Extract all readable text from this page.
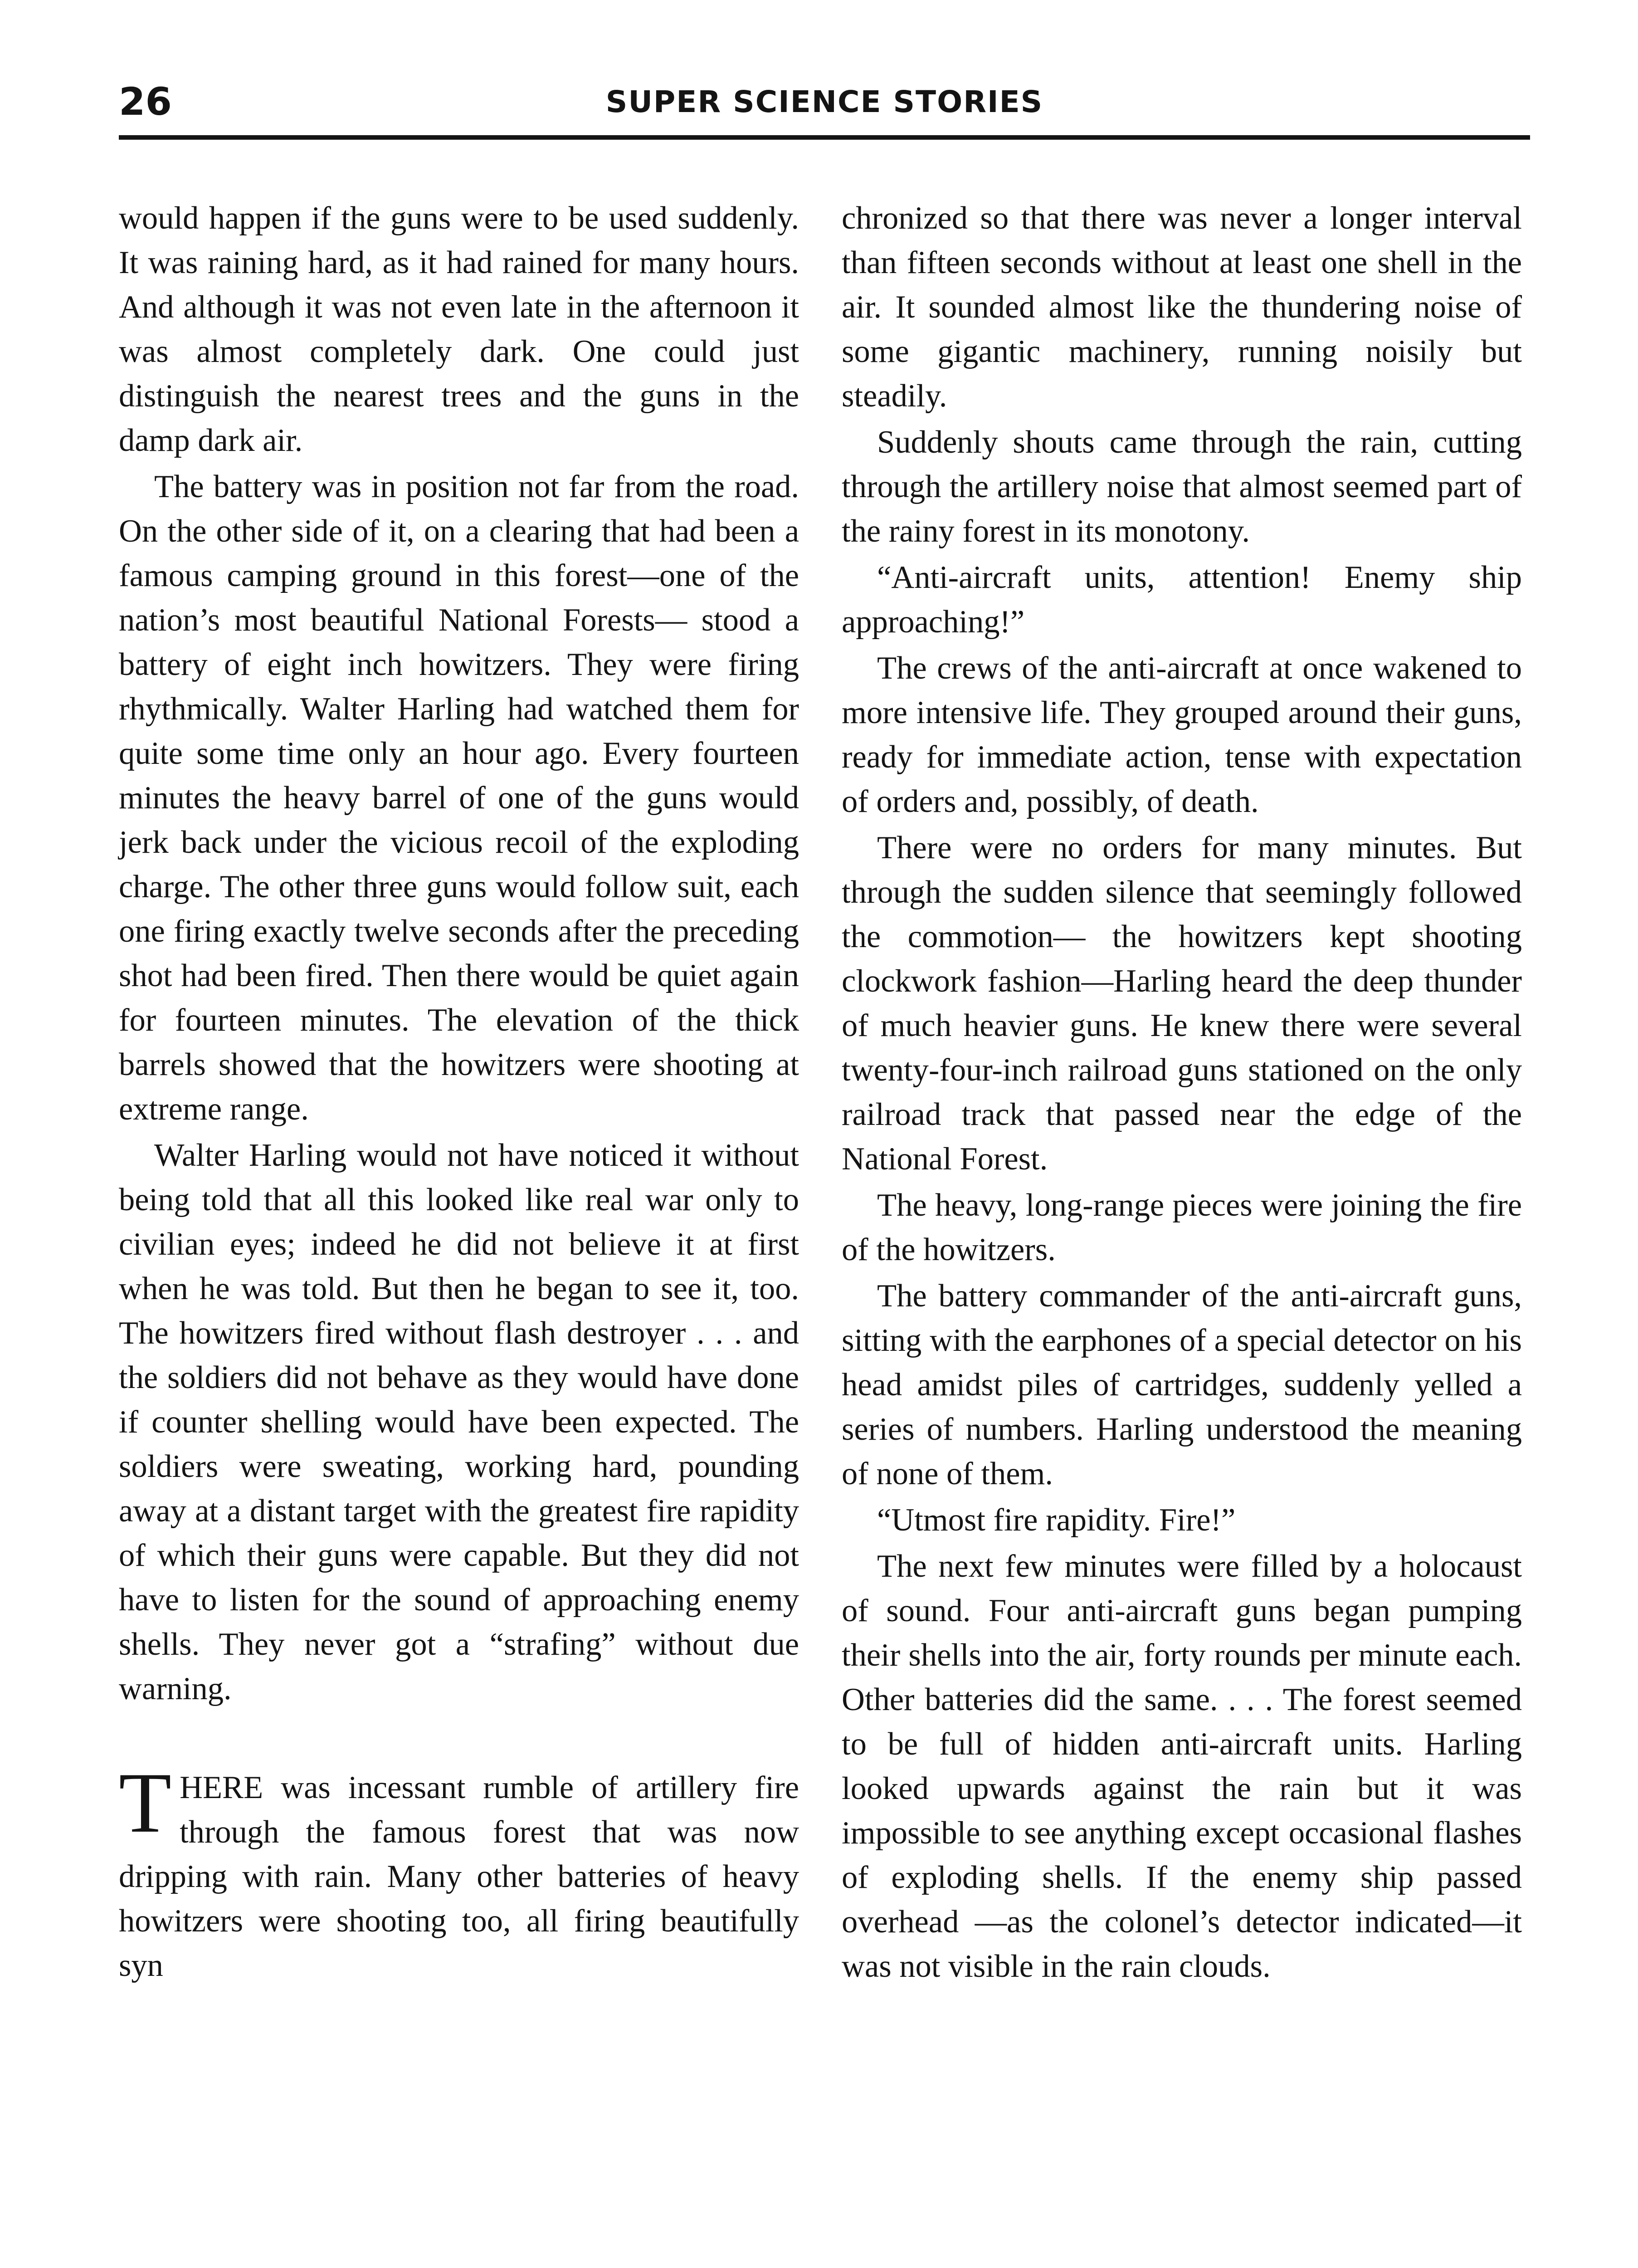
26	SUPER SCIENCE STORIES

would happen if the guns were to be used suddenly. It was raining hard, as it had rained for many hours. And although it was not even late in the afternoon it was almost completely dark. One could just distinguish the nearest trees and the guns in the damp dark air.

The battery was in position not far from the road. On the other side of it, on a clearing that had been a famous camping ground in this forest—one of the nation’s most beautiful National Forests— stood a battery of eight inch howitzers. They were firing rhythmically. Walter Harling had watched them for quite some time only an hour ago. Every fourteen minutes the heavy barrel of one of the guns would jerk back under the vicious recoil of the exploding charge. The other three guns would follow suit, each one firing exactly twelve seconds after the preceding shot had been fired. Then there would be quiet again for fourteen minutes. The elevation of the thick barrels showed that the howitzers were shooting at extreme range.

Walter Harling would not have noticed it without being told that all this looked like real war only to civilian eyes; indeed he did not believe it at first when he was told. But then he began to see it, too. The howitzers fired without flash destroyer . . . and the soldiers did not behave as they would have done if counter shelling would have been expected. The soldiers were sweating, working hard, pounding away at a distant target with the greatest fire rapidity of which their guns were capable. But they did not have to listen for the sound of approaching enemy shells. They never got a “strafing” without due warning.

THERE was incessant rumble of artillery fire through the famous forest that was now dripping with rain. Many other batteries of heavy howitzers were shooting too, all firing beautifully syn

chronized so that there was never a longer interval than fifteen seconds without at least one shell in the air. It sounded almost like the thundering noise of some gigantic machinery, running noisily but steadily.

Suddenly shouts came through the rain, cutting through the artillery noise that almost seemed part of the rainy forest in its monotony.

“Anti-aircraft units, attention! Enemy ship approaching!”

The crews of the anti-aircraft at once wakened to more intensive life. They grouped around their guns, ready for immediate action, tense with expectation of orders and, possibly, of death.

There were no orders for many minutes. But through the sudden silence that seemingly followed the commotion— the howitzers kept shooting clockwork fashion—Harling heard the deep thunder of much heavier guns. He knew there were several twenty-four-inch railroad guns stationed on the only railroad track that passed near the edge of the National Forest.

The heavy, long-range pieces were joining the fire of the howitzers.

The battery commander of the anti-aircraft guns, sitting with the earphones of a special detector on his head amidst piles of cartridges, suddenly yelled a series of numbers. Harling understood the meaning of none of them.

“Utmost fire rapidity. Fire!”

The next few minutes were filled by a holocaust of sound. Four anti-aircraft guns began pumping their shells into the air, forty rounds per minute each. Other batteries did the same. . . . The forest seemed to be full of hidden anti-aircraft units. Harling looked upwards against the rain but it was impossible to see anything except occasional flashes of exploding shells. If the enemy ship passed overhead —as the colonel’s detector indicated—it was not visible in the rain clouds.
